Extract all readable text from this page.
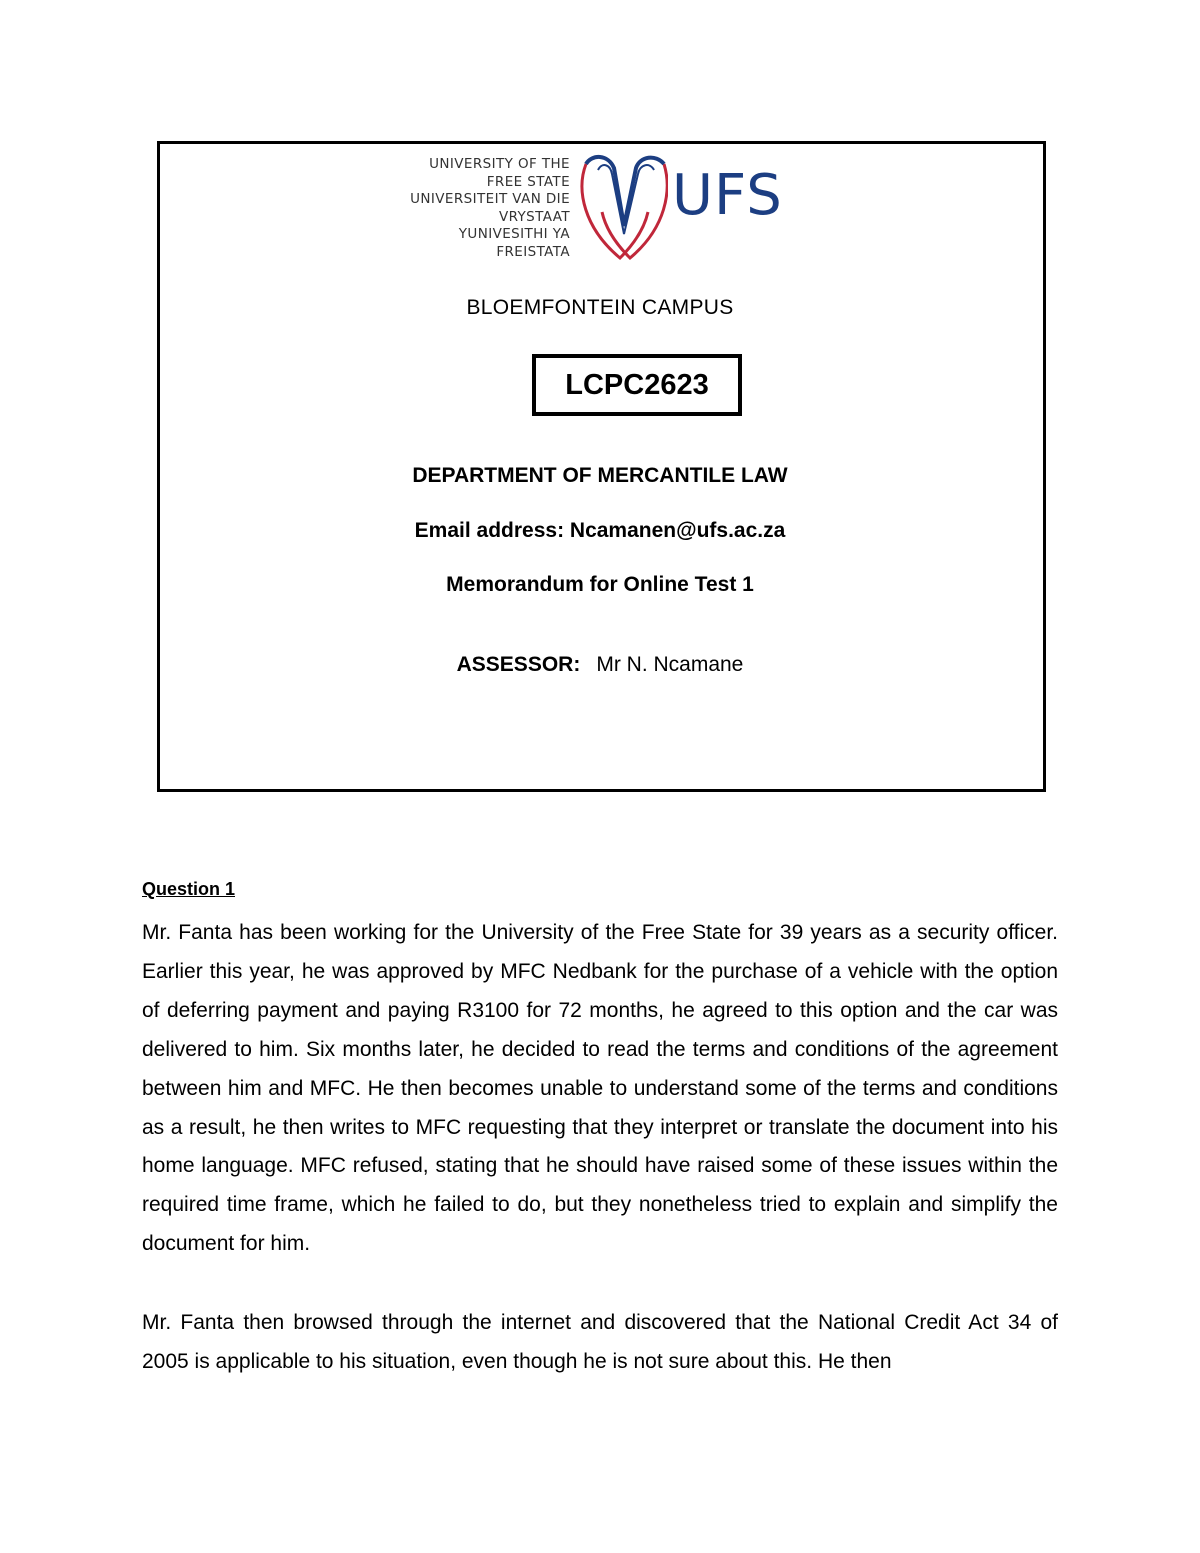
UNIVERSITY OF THE
FREE STATE
UNIVERSITEIT VAN DIE
VRYSTAAT
YUNIVESITHI YA
FREISTATA
UFS
BLOEMFONTEIN CAMPUS
LCPC2623
DEPARTMENT OF MERCANTILE LAW
Email address: Ncamanen@ufs.ac.za
Memorandum for Online Test 1
ASSESSOR: Mr N. Ncamane
Question 1

Mr. Fanta has been working for the University of the Free State for 39 years as a security officer. Earlier this year, he was approved by MFC Nedbank for the purchase of a vehicle with the option of deferring payment and paying R3100 for 72 months, he agreed to this option and the car was delivered to him. Six months later, he decided to read the terms and conditions of the agreement between him and MFC. He then becomes unable to understand some of the terms and conditions as a result, he then writes to MFC requesting that they interpret or translate the document into his home language. MFC refused, stating that he should have raised some of these issues within the required time frame, which he failed to do, but they nonetheless tried to explain and simplify the document for him.

Mr. Fanta then browsed through the internet and discovered that the National Credit Act 34 of 2005 is applicable to his situation, even though he is not sure about this. He then
